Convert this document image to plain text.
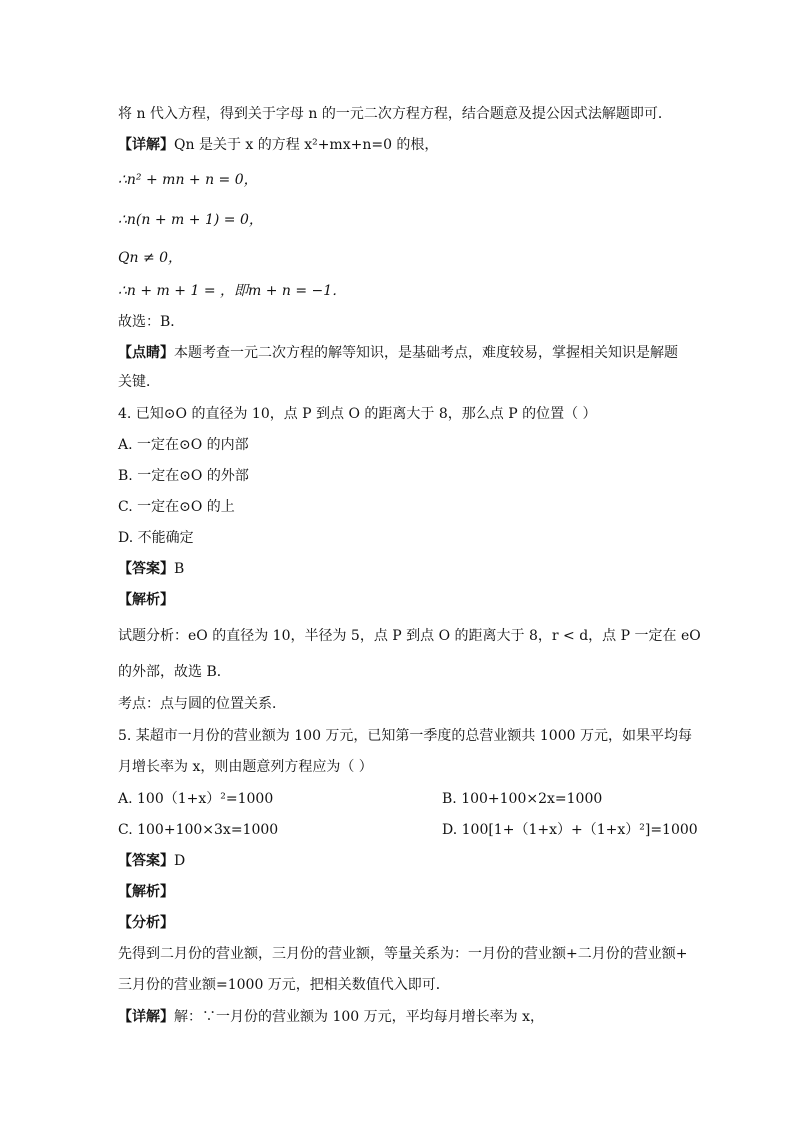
将 n 代入方程，得到关于字母 n 的一元二次方程方程，结合题意及提公因式法解题即可．
【详解】Qn 是关于 x 的方程 x²+mx+n=0 的根，
∴n² + mn + n = 0，
∴n(n + m + 1) = 0，
Qn ≠ 0，
∴n + m + 1 = ，即m + n = −1．
故选：B．
【点睛】本题考查一元二次方程的解等知识，是基础考点，难度较易，掌握相关知识是解题
关键．
4. 已知⊙O 的直径为 10，点 P 到点 O 的距离大于 8，那么点 P 的位置（ ）
A. 一定在⊙O 的内部
B. 一定在⊙O 的外部
C. 一定在⊙O 的上
D. 不能确定
【答案】B
【解析】
试题分析：eO 的直径为 10，半径为 5，点 P 到点 O 的距离大于 8，r < d，点 P 一定在 eO
的外部，故选 B．
考点：点与圆的位置关系．
5. 某超市一月份的营业额为 100 万元，已知第一季度的总营业额共 1000 万元，如果平均每
月增长率为 x，则由题意列方程应为（ ）
A. 100（1+x）²=1000	B. 100+100×2x=1000
C. 100+100×3x=1000	D. 100[1+（1+x）+（1+x）²]=1000
【答案】D
【解析】
【分析】
先得到二月份的营业额，三月份的营业额，等量关系为：一月份的营业额+二月份的营业额+
三月份的营业额=1000 万元，把相关数值代入即可．
【详解】解：∵一月份的营业额为 100 万元，平均每月增长率为 x，
